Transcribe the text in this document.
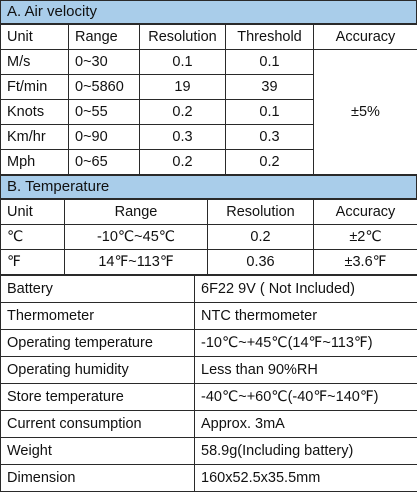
A. Air velocity
Unit	Range	Resolution	Threshold	Accuracy
M/s	0~30	0.1	0.1	±5%
Ft/min	0~5860	19	39	
Knots	0~55	0.2	0.1	
Km/hr	0~90	0.3	0.3	
Mph	0~65	0.2	0.2	
B. Temperature
Unit	Range	Resolution	Accuracy
℃	-10℃~45℃	0.2	±2℃
℉	14℉~113℉	0.36	±3.6℉
Battery	6F22 9V ( Not Included)
Thermometer	NTC thermometer
Operating temperature	-10℃~+45℃(14℉~113℉)
Operating humidity	Less than 90%RH
Store temperature	-40℃~+60℃(-40℉~140℉)
Current consumption	Approx. 3mA
Weight	58.9g(Including battery)
Dimension	160x52.5x35.5mm
